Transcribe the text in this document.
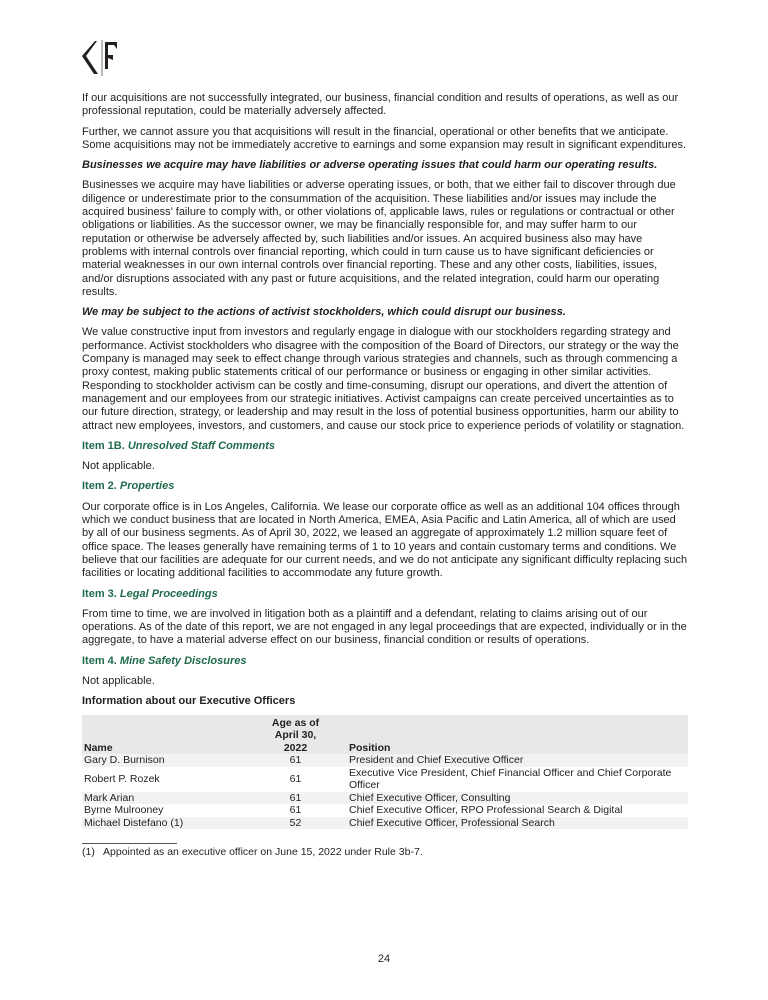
If our acquisitions are not successfully integrated, our business, financial condition and results of operations, as well as our professional reputation, could be materially adversely affected.

Further, we cannot assure you that acquisitions will result in the financial, operational or other benefits that we anticipate. Some acquisitions may not be immediately accretive to earnings and some expansion may result in significant expenditures.

Businesses we acquire may have liabilities or adverse operating issues that could harm our operating results.

Businesses we acquire may have liabilities or adverse operating issues, or both, that we either fail to discover through due diligence or underestimate prior to the consummation of the acquisition. These liabilities and/or issues may include the acquired business’ failure to comply with, or other violations of, applicable laws, rules or regulations or contractual or other obligations or liabilities. As the successor owner, we may be financially responsible for, and may suffer harm to our reputation or otherwise be adversely affected by, such liabilities and/or issues. An acquired business also may have problems with internal controls over financial reporting, which could in turn cause us to have significant deficiencies or material weaknesses in our own internal controls over financial reporting. These and any other costs, liabilities, issues, and/or disruptions associated with any past or future acquisitions, and the related integration, could harm our operating results.

We may be subject to the actions of activist stockholders, which could disrupt our business.

We value constructive input from investors and regularly engage in dialogue with our stockholders regarding strategy and performance. Activist stockholders who disagree with the composition of the Board of Directors, our strategy or the way the Company is managed may seek to effect change through various strategies and channels, such as through commencing a proxy contest, making public statements critical of our performance or business or engaging in other similar activities. Responding to stockholder activism can be costly and time-consuming, disrupt our operations, and divert the attention of management and our employees from our strategic initiatives. Activist campaigns can create perceived uncertainties as to our future direction, strategy, or leadership and may result in the loss of potential business opportunities, harm our ability to attract new employees, investors, and customers, and cause our stock price to experience periods of volatility or stagnation.

Item 1B. Unresolved Staff Comments

Not applicable.

Item 2. Properties

Our corporate office is in Los Angeles, California. We lease our corporate office as well as an additional 104 offices through which we conduct business that are located in North America, EMEA, Asia Pacific and Latin America, all of which are used by all of our business segments. As of April 30, 2022, we leased an aggregate of approximately 1.2 million square feet of office space. The leases generally have remaining terms of 1 to 10 years and contain customary terms and conditions. We believe that our facilities are adequate for our current needs, and we do not anticipate any significant difficulty replacing such facilities or locating additional facilities to accommodate any future growth.

Item 3. Legal Proceedings

From time to time, we are involved in litigation both as a plaintiff and a defendant, relating to claims arising out of our operations. As of the date of this report, we are not engaged in any legal proceedings that are expected, individually or in the aggregate, to have a material adverse effect on our business, financial condition or results of operations.

Item 4. Mine Safety Disclosures

Not applicable.

Information about our Executive Officers
Name	Age as of
April 30,
2022	Position
Gary D. Burnison	61	President and Chief Executive Officer
Robert P. Rozek	61	Executive Vice President, Chief Financial Officer and Chief Corporate Officer
Mark Arian	61	Chief Executive Officer, Consulting
Byrne Mulrooney	61	Chief Executive Officer, RPO Professional Search & Digital
Michael Distefano (1)	52	Chief Executive Officer, Professional Search
(1)   Appointed as an executive officer on June 15, 2022 under Rule 3b-7.
24
